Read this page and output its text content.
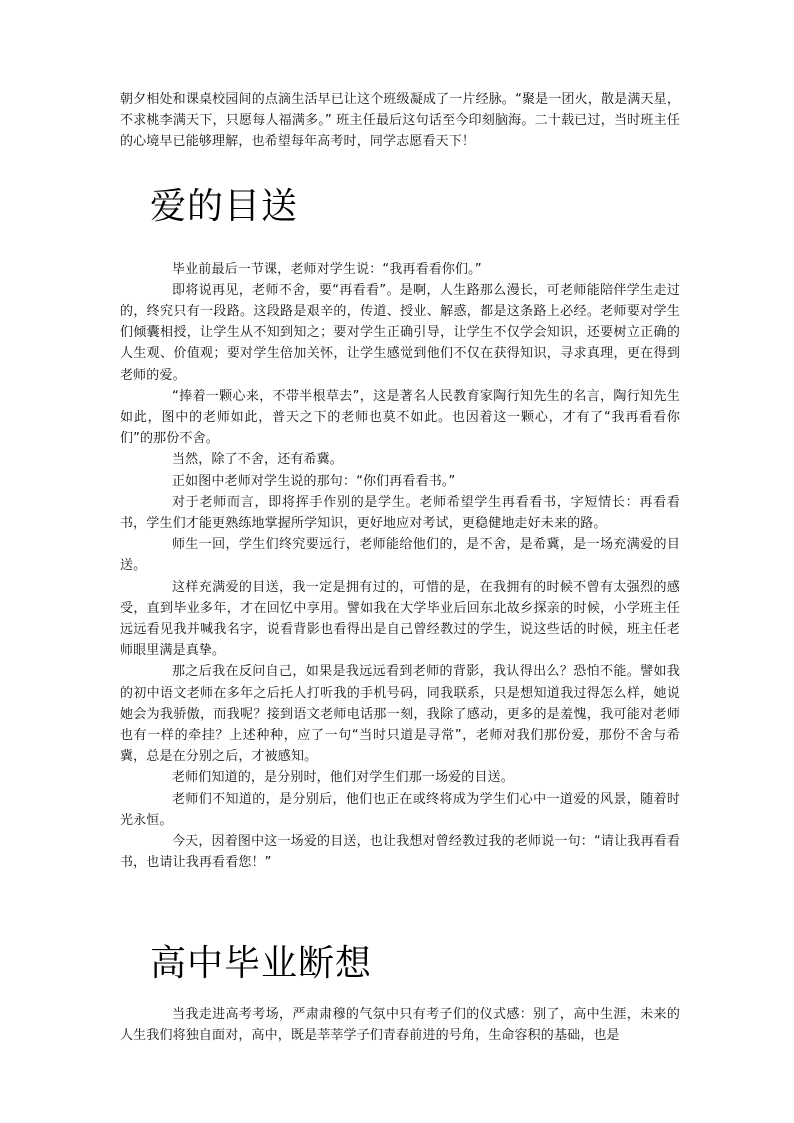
朝夕相处和课桌校园间的点滴生活早已让这个班级凝成了一片经脉。“聚是一团火，散是满天星，不求桃李满天下，只愿每人福满多。” 班主任最后这句话至今印刻脑海。二十载已过，当时班主任的心境早已能够理解，也希望每年高考时，同学志愿看天下！

爱的目送

毕业前最后一节课，老师对学生说：“我再看看你们。”

即将说再见，老师不舍，要“再看看”。是啊，人生路那么漫长，可老师能陪伴学生走过的，终究只有一段路。这段路是艰辛的，传道、授业、解惑，都是这条路上必经。老师要对学生们倾囊相授，让学生从不知到知之；要对学生正确引导，让学生不仅学会知识，还要树立正确的人生观、价值观；要对学生倍加关怀，让学生感觉到他们不仅在获得知识，寻求真理，更在得到老师的爱。

“捧着一颗心来，不带半根草去”，这是著名人民教育家陶行知先生的名言，陶行知先生如此，图中的老师如此，普天之下的老师也莫不如此。也因着这一颗心，才有了“我再看看你们”的那份不舍。

当然，除了不舍，还有希冀。

正如图中老师对学生说的那句：“你们再看看书。”

对于老师而言，即将挥手作别的是学生。老师希望学生再看看书，字短情长：再看看书，学生们才能更熟练地掌握所学知识，更好地应对考试，更稳健地走好未来的路。

师生一回，学生们终究要远行，老师能给他们的，是不舍，是希冀，是一场充满爱的目送。

这样充满爱的目送，我一定是拥有过的，可惜的是，在我拥有的时候不曾有太强烈的感受，直到毕业多年，才在回忆中享用。譬如我在大学毕业后回东北故乡探亲的时候，小学班主任远远看见我并喊我名字，说看背影也看得出是自己曾经教过的学生，说这些话的时候，班主任老师眼里满是真挚。

那之后我在反问自己，如果是我远远看到老师的背影，我认得出么？恐怕不能。譬如我的初中语文老师在多年之后托人打听我的手机号码，同我联系，只是想知道我过得怎么样，她说她会为我骄傲，而我呢？接到语文老师电话那一刻，我除了感动，更多的是羞愧，我可能对老师也有一样的牵挂？上述种种，应了一句“当时只道是寻常”，老师对我们那份爱，那份不舍与希冀，总是在分别之后，才被感知。

老师们知道的，是分别时，他们对学生们那一场爱的目送。

老师们不知道的，是分别后，他们也正在或终将成为学生们心中一道爱的风景，随着时光永恒。

今天，因着图中这一场爱的目送，也让我想对曾经教过我的老师说一句：“请让我再看看书，也请让我再看看您！”

高中毕业断想

当我走进高考考场，严肃肃穆的气氛中只有考子们的仪式感：别了，高中生涯，未来的人生我们将独自面对，高中，既是莘莘学子们青春前进的号角，生命容积的基础，也是
